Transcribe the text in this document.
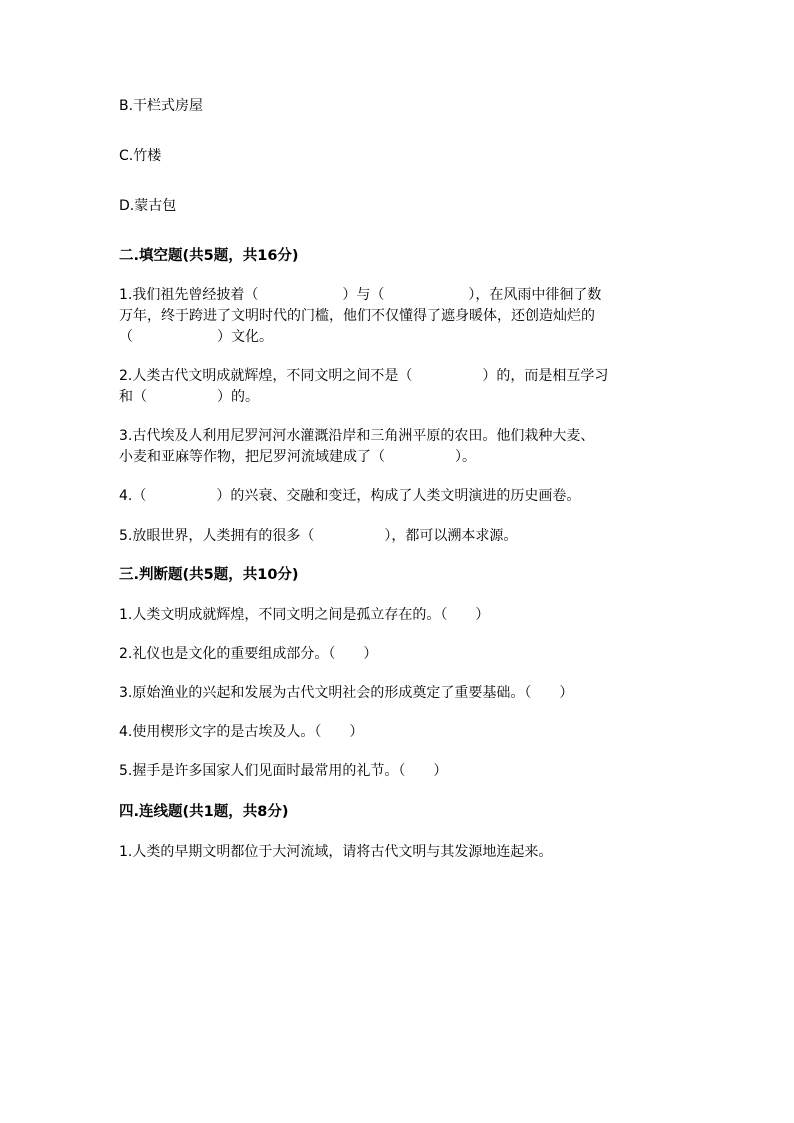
B.干栏式房屋
C.竹楼
D.蒙古包
二.填空题(共5题，共16分)
1.我们祖先曾经披着（　　　　　　）与（　　　　　　），在风雨中徘徊了数
万年，终于跨进了文明时代的门槛，他们不仅懂得了遮身暖体，还创造灿烂的
（　　　　　　）文化。
2.人类古代文明成就辉煌，不同文明之间不是（　　　　　）的，而是相互学习
和（　　　　　）的。
3.古代埃及人利用尼罗河河水灌溉沿岸和三角洲平原的农田。他们栽种大麦、
小麦和亚麻等作物，把尼罗河流域建成了（　　　　　）。
4.（　　　　　）的兴衰、交融和变迁，构成了人类文明演进的历史画卷。
5.放眼世界，人类拥有的很多（　　　　　），都可以溯本求源。
三.判断题(共5题，共10分)
1.人类文明成就辉煌，不同文明之间是孤立存在的。（　　）
2.礼仪也是文化的重要组成部分。（　　）
3.原始渔业的兴起和发展为古代文明社会的形成奠定了重要基础。（　　）
4.使用楔形文字的是古埃及人。（　　）
5.握手是许多国家人们见面时最常用的礼节。（　　）
四.连线题(共1题，共8分)
1.人类的早期文明都位于大河流域，请将古代文明与其发源地连起来。
